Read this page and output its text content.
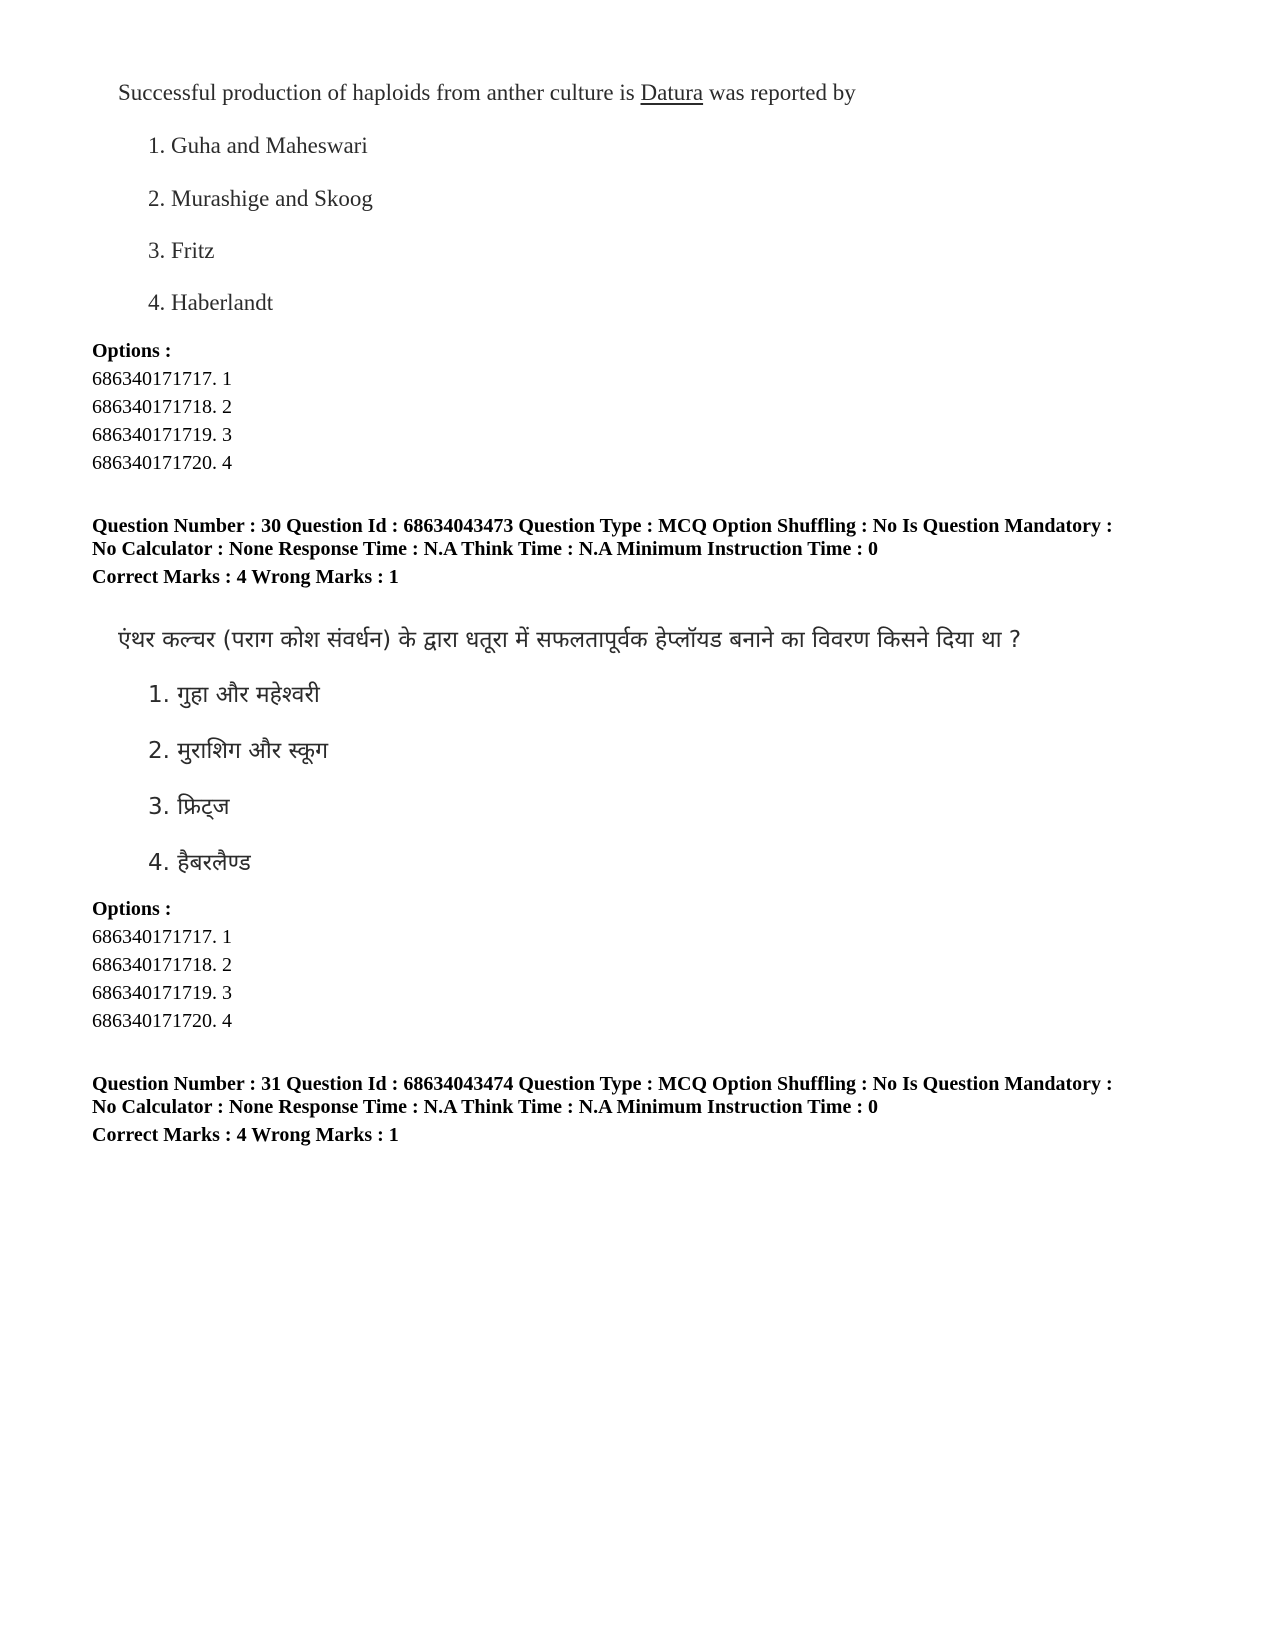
Successful production of haploids from anther culture is Datura was reported by
1. Guha and Maheswari
2. Murashige and Skoog
3. Fritz
4. Haberlandt
Options :
686340171717. 1
686340171718. 2
686340171719. 3
686340171720. 4
Question Number : 30 Question Id : 68634043473 Question Type : MCQ Option Shuffling : No Is Question Mandatory :
No Calculator : None Response Time : N.A Think Time : N.A Minimum Instruction Time : 0
Correct Marks : 4 Wrong Marks : 1
एंथर कल्चर (पराग कोश संवर्धन) के द्वारा धतूरा में सफलतापूर्वक हेप्लॉयड बनाने का विवरण किसने दिया था ?
1. गुहा और महेश्वरी
2. मुराशिग और स्कूग
3. फ्रिट्ज
4. हैबरलैण्ड
Options :
686340171717. 1
686340171718. 2
686340171719. 3
686340171720. 4
Question Number : 31 Question Id : 68634043474 Question Type : MCQ Option Shuffling : No Is Question Mandatory :
No Calculator : None Response Time : N.A Think Time : N.A Minimum Instruction Time : 0
Correct Marks : 4 Wrong Marks : 1
